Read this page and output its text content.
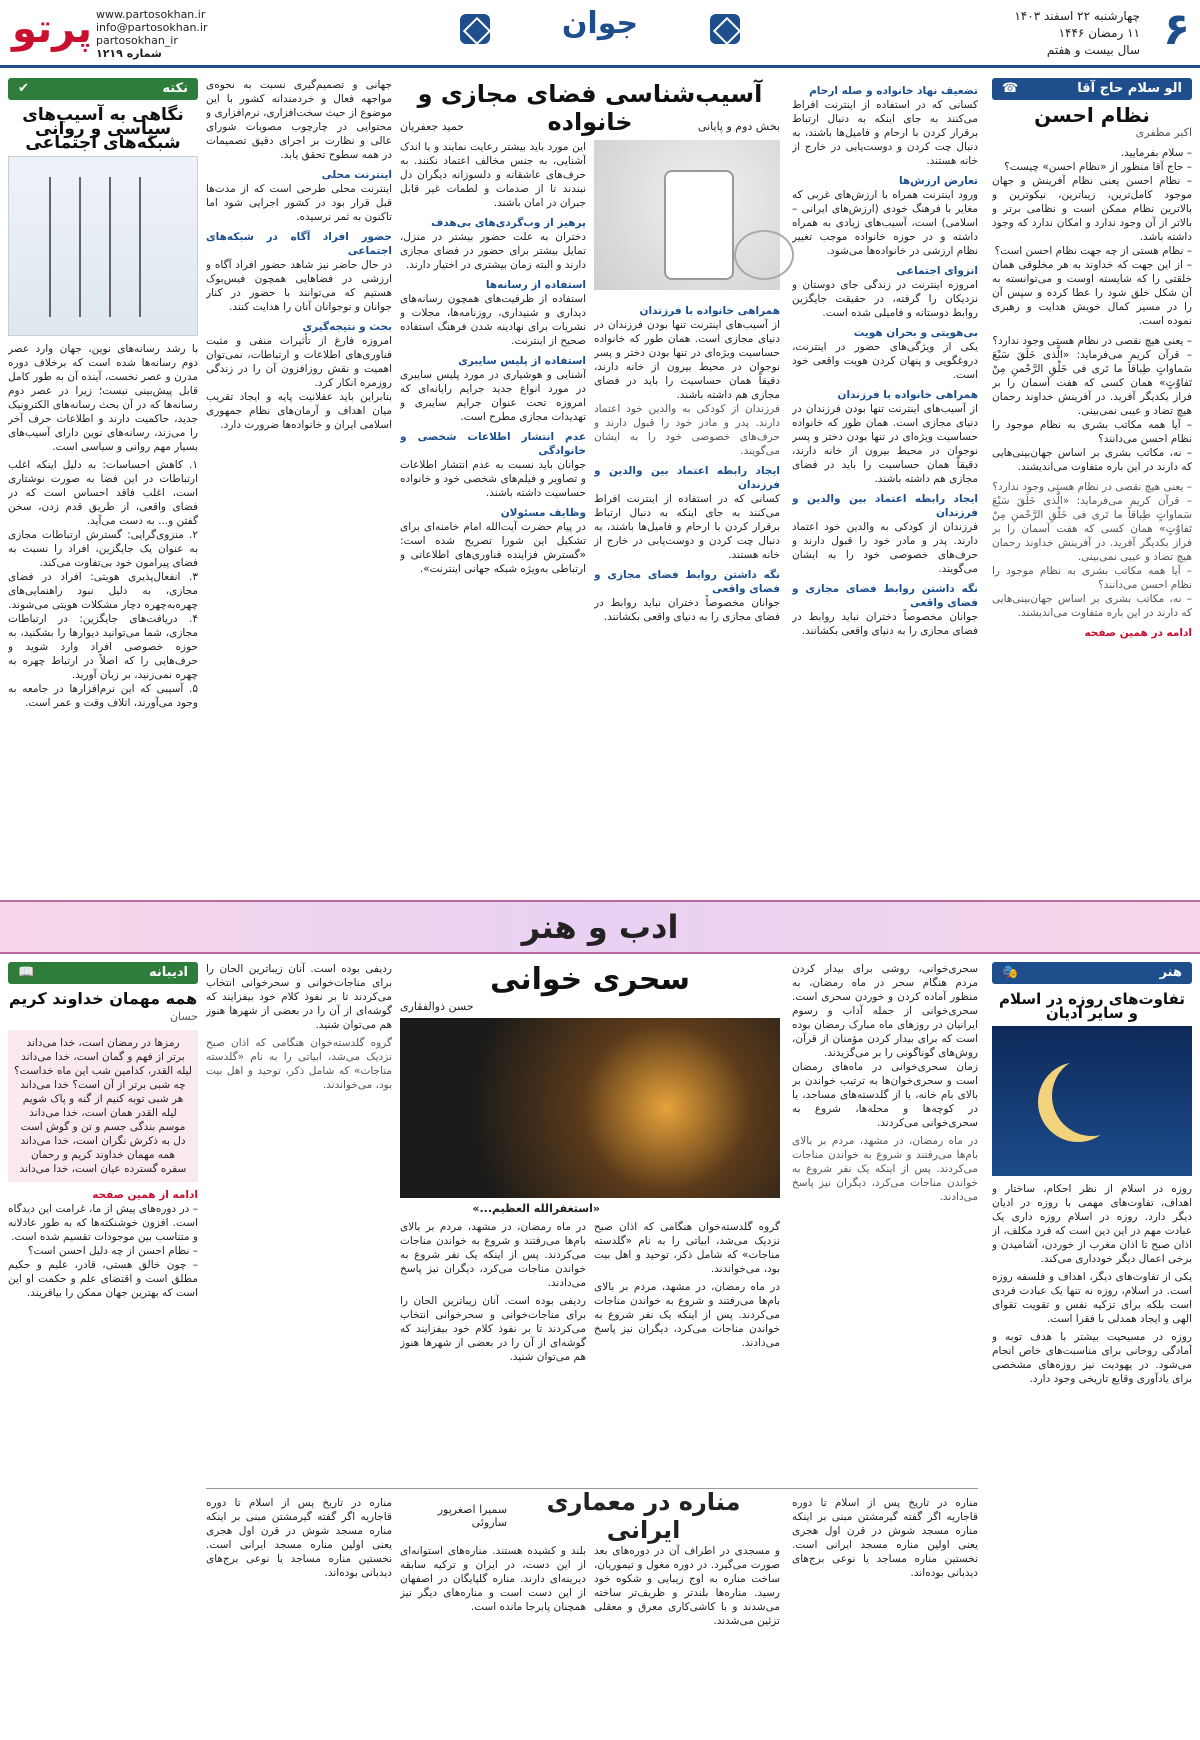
۶
چهارشنبه ۲۲ اسفند ۱۴۰۳
۱۱ رمضان ۱۴۴۶
سال بیست و هفتم
جوان
پرتو www.partosokhan.ir
info@partosokhan.ir
partosokhan_ir
شماره ۱۲۱۹
الو سلام حاج آقا
☎
نظام احسن
اکبر مظفری

– سلام بفرمایید.
– حاج آقا منظور از «نظام احسن» چیست؟
– نظام احسن یعنی نظام آفرینش و جهان موجود کامل‌ترین، زیباترین، نیکوترین و بالاترین نظام ممکن است و نظامی برتر و بالاتر از آن وجود ندارد و امکان ندارد که وجود داشته باشد.
– نظام هستی از چه جهت نظام احسن است؟
– از این جهت که خداوند به هر مخلوقی همان خلقتی را که شایسته اوست و می‌توانسته به آن شکل خلق شود را عطا کرده و سپس آن را در مسیر کمال خویش هدایت و رهبری نموده است.

– یعنی هیچ نقصی در نظام هستی وجود ندارد؟
– قرآن کریم می‌فرماید: «الَّذی خَلَقَ سَبْعَ سَماواتٍ طِباقاً ما تَری فی خَلْقِ الرَّحْمنِ مِنْ تَفاوُتٍ» همان کسی که هفت آسمان را بر فراز یکدیگر آفرید. در آفرینش خداوند رحمان هیچ تضاد و عیبی نمی‌بینی.
– آیا همه مکاتب بشری به نظام موجود را نظام احسن می‌دانند؟
– نه، مکاتب بشری بر اساس جهان‌بینی‌هایی که دارند در این باره متفاوت می‌اندیشند.

– یعنی هیچ نقصی در نظام هستی وجود ندارد؟
– قرآن کریم می‌فرماید: «الَّذی خَلَقَ سَبْعَ سَماواتٍ طِباقاً ما تَری فی خَلْقِ الرَّحْمنِ مِنْ تَفاوُتٍ» همان کسی که هفت آسمان را بر فراز یکدیگر آفرید. در آفرینش خداوند رحمان هیچ تضاد و عیبی نمی‌بینی.
– آیا همه مکاتب بشری به نظام موجود را نظام احسن می‌دانند؟
– نه، مکاتب بشری بر اساس جهان‌بینی‌هایی که دارند در این باره متفاوت می‌اندیشند.

ادامه در همین صفحه

تضعیف نهاد خانواده و صله ارحام

کسانی که در استفاده از اینترنت افراط می‌کنند به جای اینکه به دنبال ارتباط برقرار کردن با ارحام و فامیل‌ها باشند، به دنبال چت کردن و دوست‌یابی در خارج از خانه هستند.

تعارض ارزش‌ها

ورود اینترنت همراه با ارزش‌های غربی که مغایر با فرهنگ خودی (ارزش‌های ایرانی – اسلامی) است، آسیب‌های زیادی به همراه داشته و در حوزه خانواده موجب تغییر نظام ارزشی در خانواده‌ها می‌شود.

انزوای اجتماعی

امروزه اینترنت در زندگی جای دوستان و نزدیکان را گرفته، در حقیقت جایگزین روابط دوستانه و فامیلی شده است.

بی‌هویتی و بحران هویت

یکی از ویژگی‌های حضور در اینترنت، دروغگویی و پنهان کردن هویت واقعی خود است.

همراهی خانواده با فرزندان

از آسیب‌های اینترنت تنها بودن فرزندان در دنیای مجازی است. همان طور که خانواده حساسیت ویژه‌ای در تنها بودن دختر و پسر نوجوان در محیط بیرون از خانه دارند، دقیقاً همان حساسیت را باید در فضای مجازی هم داشته باشند.

ایجاد رابطه اعتماد بین والدین و فرزندان

فرزندان از کودکی به والدین خود اعتماد دارند. پدر و مادر خود را قبول دارند و حرف‌های خصوصی خود را به ایشان می‌گویند.

نگه داشتن روابط فضای مجازی و فضای واقعی

جوانان مخصوصاً دختران نباید روابط در فضای مجازی را به دنیای واقعی بکشانند.

آسیب‌شناسی فضای مجازی و خانواده	بخش دوم و پایانی
حمید جعفریان

این مورد باید بیشتر رعایت نمایند و با اندک آشنایی، به جنس مخالف اعتماد نکنند. به حرف‌های عاشقانه و دلسوزانه دیگران دل نبندند تا از صدمات و لطمات غیر قابل جبران در امان باشند.

پرهیز از وب‌گردی‌های بی‌هدف

دختران به علت حضور بیشتر در منزل، تمایل بیشتر برای حضور در فضای مجازی دارند و البته زمان بیشتری در اختیار دارند.

استفاده از رسانه‌ها

استفاده از ظرفیت‌های همچون رسانه‌های دیداری و شنیداری، روزنامه‌ها، مجلات و نشریات برای نهادینه شدن فرهنگ استفاده صحیح از اینترنت.

استفاده از پلیس سایبری

آشنایی و هوشیاری در مورد پلیس سایبری در مورد انواع جدید جرایم رایانه‌ای که امروزه تحت عنوان جرایم سایبری و تهدیدات مجازی مطرح است.

عدم انتشار اطلاعات شخصی و خانوادگی

جوانان باید نسبت به عدم انتشار اطلاعات و تصاویر و فیلم‌های شخصی خود و خانواده حساسیت داشته باشند.

وظایف مسئولان

در پیام حضرت آیت‌الله امام خامنه‌ای برای تشکیل این شورا تصریح شده است: «گسترش فزاینده فناوری‌های اطلاعاتی و ارتباطی به‌ویژه شبکه جهانی اینترنت».

همراهی خانواده با فرزندان

از آسیب‌های اینترنت تنها بودن فرزندان در دنیای مجازی است. همان طور که خانواده حساسیت ویژه‌ای در تنها بودن دختر و پسر نوجوان در محیط بیرون از خانه دارند، دقیقاً همان حساسیت را باید در فضای مجازی هم داشته باشند.

فرزندان از کودکی به والدین خود اعتماد دارند. پدر و مادر خود را قبول دارند و حرف‌های خصوصی خود را به ایشان می‌گویند.

ایجاد رابطه اعتماد بین والدین و فرزندان

کسانی که در استفاده از اینترنت افراط می‌کنند به جای اینکه به دنبال ارتباط برقرار کردن با ارحام و فامیل‌ها باشند، به دنبال چت کردن و دوست‌یابی در خارج از خانه هستند.

نگه داشتن روابط فضای مجازی و فضای واقعی

جوانان مخصوصاً دختران نباید روابط در فضای مجازی را به دنیای واقعی بکشانند.

جهانی و تصمیم‌گیری نسبت به نحوه‌ی مواجهه فعال و خردمندانه کشور با این موضوع از حیث سخت‌افزاری، نرم‌افزاری و محتوایی در چارچوب مصوبات شورای عالی و نظارت بر اجرای دقیق تصمیمات در همه سطوح تحقق یابد.

اینترنت محلی

اینترنت محلی طرحی است که از مدت‌ها قبل قرار بود در کشور اجرایی شود اما تاکنون به ثمر نرسیده.

حضور افراد آگاه در شبکه‌های اجتماعی

در حال حاضر نیز شاهد حضور افراد آگاه و ارزشی در فضاهایی همچون فیس‌بوک هستیم که می‌توانند با حضور در کنار جوانان و نوجوانان آنان را هدایت کنند.

بحث و نتیجه‌گیری

امروزه فارغ از تأثیرات منفی و مثبت فناوری‌های اطلاعات و ارتباطات، نمی‌توان اهمیت و نقش روزافزون آن را در زندگی روزمره انکار کرد.

بنابراین باید عقلانیت پایه و ایجاد تقریب میان اهداف و آرمان‌های نظام جمهوری اسلامی ایران و خانواده‌ها ضرورت دارد.

نکته
✔
نگاهی به آسیب‌های سیاسی و روانی شبکه‌های اجتماعی

با رشد رسانه‌های نوین، جهان وارد عصر دوم رسانه‌ها شده است که برخلاف دوره مدرن و عصر نخست، آینده آن به طور کامل قابل پیش‌بینی نیست؛ زیرا در عصر دوم رسانه‌ها که در آن بحث رسانه‌های الکترونیک جدید، حاکمیت دارند و اطلاعات حرف آخر را می‌زند، رسانه‌های نوین دارای آسیب‌های بسیار مهم روانی و سیاسی است.

۱. کاهش احساسات: به دلیل اینکه اغلب ارتباطات در این فضا به صورت نوشتاری است، اغلب فاقد احساس است که در فضای واقعی، از طریق قدم زدن، سخن گفتن و... به دست می‌آید.
۲. منزوی‌گرایی: گسترش ارتباطات مجازی به عنوان یک جایگزین، افراد را نسبت به فضای پیرامون خود بی‌تفاوت می‌کند.
۳. انفعال‌پذیری هویتی: افراد در فضای مجازی، به دلیل نبود راهنمایی‌های چهره‌به‌چهره دچار مشکلات هویتی می‌شوند.
۴. دریافت‌های جایگزین: در ارتباطات مجازی، شما می‌توانید دیوارها را بشکنید، به حوزه خصوصی افراد وارد شوید و حرف‌هایی را که اصلاً در ارتباط چهره به چهره نمی‌زنید، بر زبان آورید.
۵. آسیبی که این نرم‌افزارها در جامعه به وجود می‌آورند، اتلاف وقت و عمر است.

ادب و هنر
هنر
🎭
تفاوت‌های روزه در اسلام و سایر ادیان

روزه در اسلام از نظر احکام، ساختار و اهداف، تفاوت‌های مهمی با روزه در ادیان دیگر دارد. روزه در اسلام روزه داری یک عبادت مهم در این دین است که فرد مکلف، از اذان صبح تا اذان مغرب از خوردن، آشامیدن و برخی اعمال دیگر خودداری می‌کند.

یکی از تفاوت‌های دیگر، اهداف و فلسفه روزه است. در اسلام، روزه نه تنها یک عبادت فردی است بلکه برای تزکیه نفس و تقویت تقوای الهی و ایجاد همدلی با فقرا است.

روزه در مسیحیت بیشتر با هدف توبه و آمادگی روحانی برای مناسبت‌های خاص انجام می‌شود. در یهودیت نیز روزه‌های مشخصی برای یادآوری وقایع تاریخی وجود دارد.

سحری‌خوانی، روشی برای بیدار کردن مردم هنگام سحر در ماه رمضان، به منظور آماده کردن و خوردن سحری است. سحری‌خوانی از جمله آداب و رسوم ایرانیان در روزهای ماه مبارک رمضان بوده است که برای بیدار کردن مؤمنان از قرآن، روش‌های گوناگونی را بر می‌گزیدند.
زمان سحری‌خوانی در ماه‌های رمضان است و سحری‌خوان‌ها به ترتیب خواندن بر بالای بام خانه، یا از گلدسته‌های مساجد، یا در کوچه‌ها و محله‌ها، شروع به سحری‌خوانی می‌کردند.

در ماه رمضان، در مشهد، مردم بر بالای بام‌ها می‌رفتند و شروع به خواندن مناجات می‌کردند. پس از اینکه یک نفر شروع به خواندن مناجات می‌کرد، دیگران نیز پاسخ می‌دادند.

سحری خوانی
حسن ذوالفقاری
«استغفرالله العظیم...»

گروه گلدسته‌خوان هنگامی که اذان صبح نزدیک می‌شد، ابیاتی را به نام «گلدسته مناجات» که شامل ذکر، توحید و اهل بیت بود، می‌خواندند.

در ماه رمضان، در مشهد، مردم بر بالای بام‌ها می‌رفتند و شروع به خواندن مناجات می‌کردند. پس از اینکه یک نفر شروع به خواندن مناجات می‌کرد، دیگران نیز پاسخ می‌دادند.

در ماه رمضان، در مشهد، مردم بر بالای بام‌ها می‌رفتند و شروع به خواندن مناجات می‌کردند. پس از اینکه یک نفر شروع به خواندن مناجات می‌کرد، دیگران نیز پاسخ می‌دادند.

ردیفی بوده است. آنان زیباترین الحان را برای مناجات‌خوانی و سحرخوانی انتخاب می‌کردند تا بر نفوذ کلام خود بیفزایند که گوشه‌ای از آن را در بعضی از شهرها هنوز هم می‌توان شنید.

ردیفی بوده است. آنان زیباترین الحان را برای مناجات‌خوانی و سحرخوانی انتخاب می‌کردند تا بر نفوذ کلام خود بیفزایند که گوشه‌ای از آن را در بعضی از شهرها هنوز هم می‌توان شنید.

گروه گلدسته‌خوان هنگامی که اذان صبح نزدیک می‌شد، ابیاتی را به نام «گلدسته مناجات» که شامل ذکر، توحید و اهل بیت بود، می‌خواندند.

ادیبانه
📖
همه مهمان خداوند کریم
حسان

رمزها در رمضان است، خدا می‌داند
برتر از فهم و گمان است، خدا می‌داند
لیله القدر، کدامین شب این ماه خداست؟
چه شبی برتر از آن است؟ خدا می‌داند
هر شبی توبه کنیم از گنه و پاک شویم
لیله القدر همان است، خدا می‌داند
موسم بندگی جسم و تن و گوش است
دل به ذکرش نگران است، خدا می‌داند
همه مهمان خداوند کریم و رحمان
سفره گسترده عیان است، خدا می‌داند

ادامه از همین صفحه

– در دوره‌های پیش از ما، غرامت این دیدگاه است. افزون خوشنکته‌ها که به طور عادلانه و متناسب بین موجودات تقسیم شده است.
– نظام احسن از چه دلیل احسن است؟
– چون خالق هستی، قادر، علیم و حکیم مطلق است و اقتضای علم و حکمت او این است که بهترین جهان ممکن را بیافریند.

مناره در معماری ایرانی
سمیرا اصغرپور ساروئی

مناره در تاریخ پس از اسلام تا دوره قاجاریه اگر گفته گیرمشتن مبنی بر اینکه مناره مسجد شوش در قرن اول هجری یعنی اولین مناره مسجد ایرانی است. نخستین مناره مساجد یا نوعی برج‌های دیدبانی بوده‌اند.

و مسجدی در اطراف آن در دوره‌های بعد صورت می‌گیرد. در دوره مغول و تیموریان، ساخت مناره به اوج زیبایی و شکوه خود رسید. مناره‌ها بلندتر و ظریف‌تر ساخته می‌شدند و با کاشی‌کاری معرق و معقلی تزئین می‌شدند.

بلند و کشیده هستند. مناره‌های استوانه‌ای از این دست، در ایران و ترکیه سابقه دیرینه‌ای دارند. مناره گلپایگان در اصفهان از این دست است و مناره‌های دیگر نیز همچنان پابرجا مانده است.

مناره در تاریخ پس از اسلام تا دوره قاجاریه اگر گفته گیرمشتن مبنی بر اینکه مناره مسجد شوش در قرن اول هجری یعنی اولین مناره مسجد ایرانی است. نخستین مناره مساجد یا نوعی برج‌های دیدبانی بوده‌اند.
